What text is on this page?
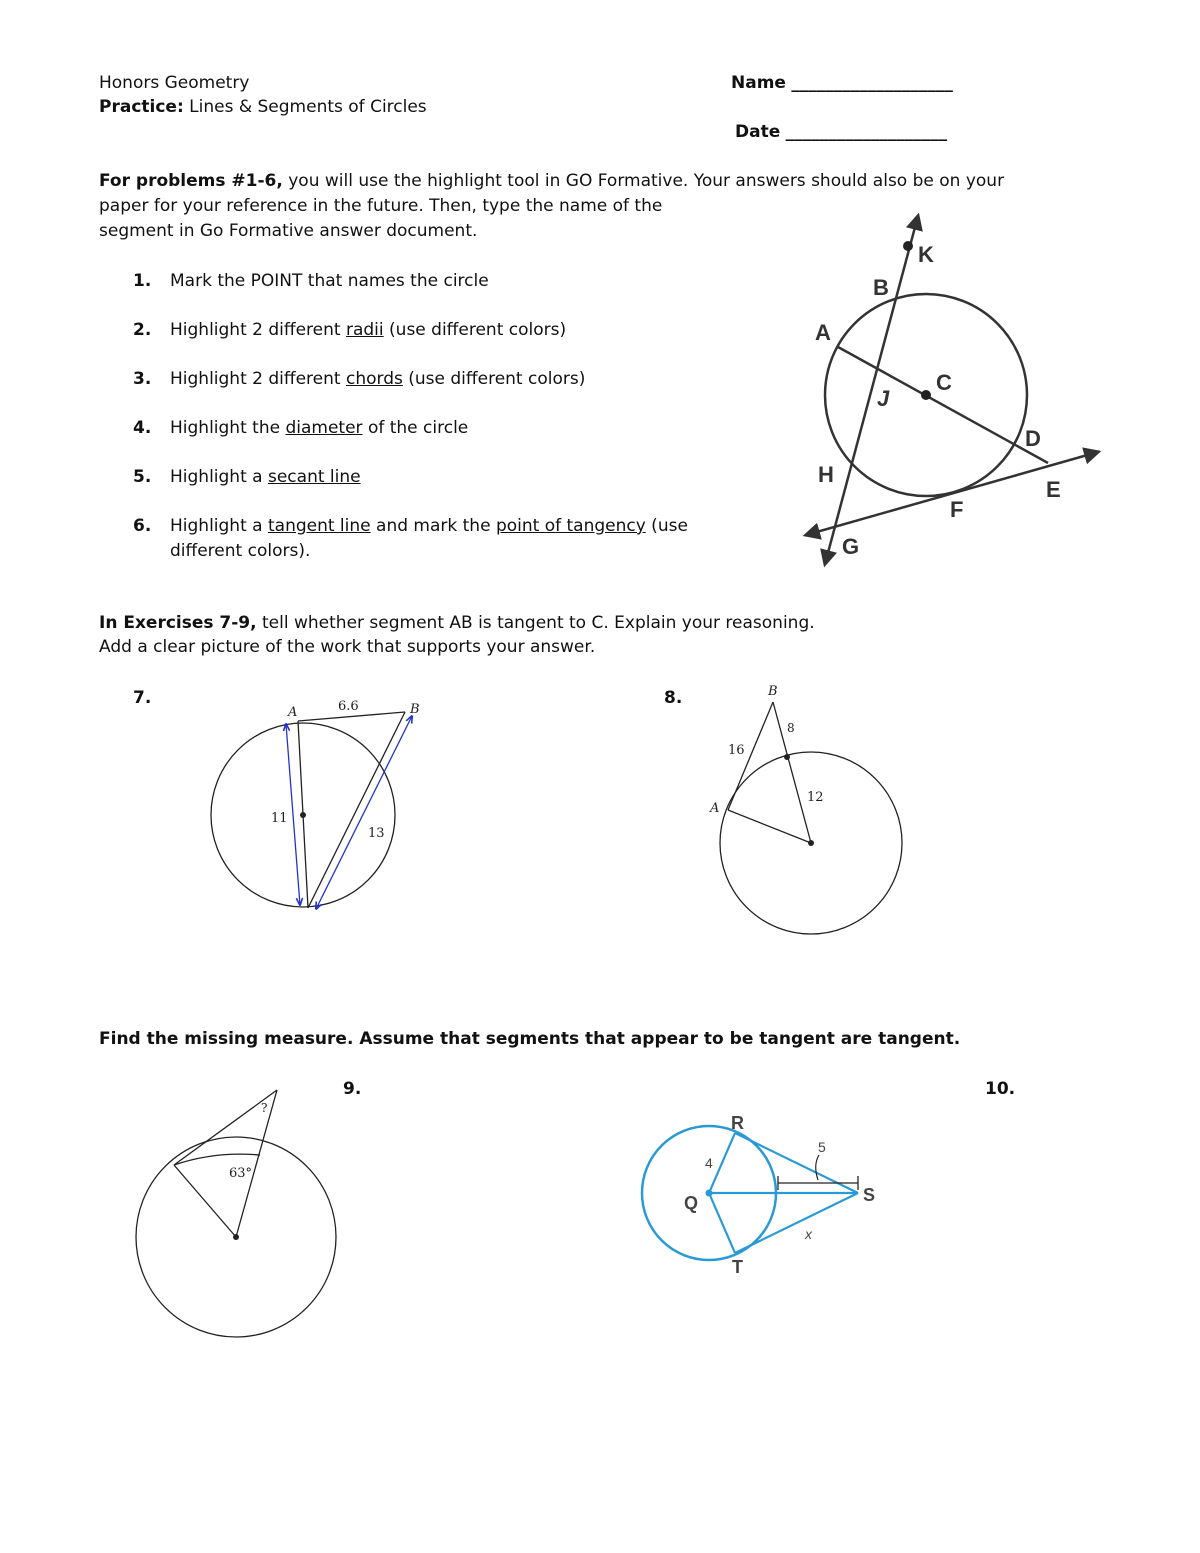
Honors Geometry
Practice: Lines & Segments of Circles
Name ___________________
Date ___________________
For problems #1-6, you will use the highlight tool in GO Formative. Your answers should also be on your
paper for your reference in the future. Then, type the name of the
segment in Go Formative answer document.
1. Mark the POINT that names the circle
2. Highlight 2 different radii (use different colors)
3. Highlight 2 different chords (use different colors)
4. Highlight the diameter of the circle
5. Highlight a secant line
6. Highlight a tangent line and mark the point of tangency (use
different colors).
K
B
A
C
J
D
H
F
E
G
In Exercises 7-9, tell whether segment AB is tangent to C. Explain your reasoning.
Add a clear picture of the work that supports your answer.
7.	8.
A	B
6.6
11
13
B
A
16
8
12
Find the missing measure. Assume that segments that appear to be tangent are tangent.
9.	10.
?
63°
R
Q	S
T
4
5
x
